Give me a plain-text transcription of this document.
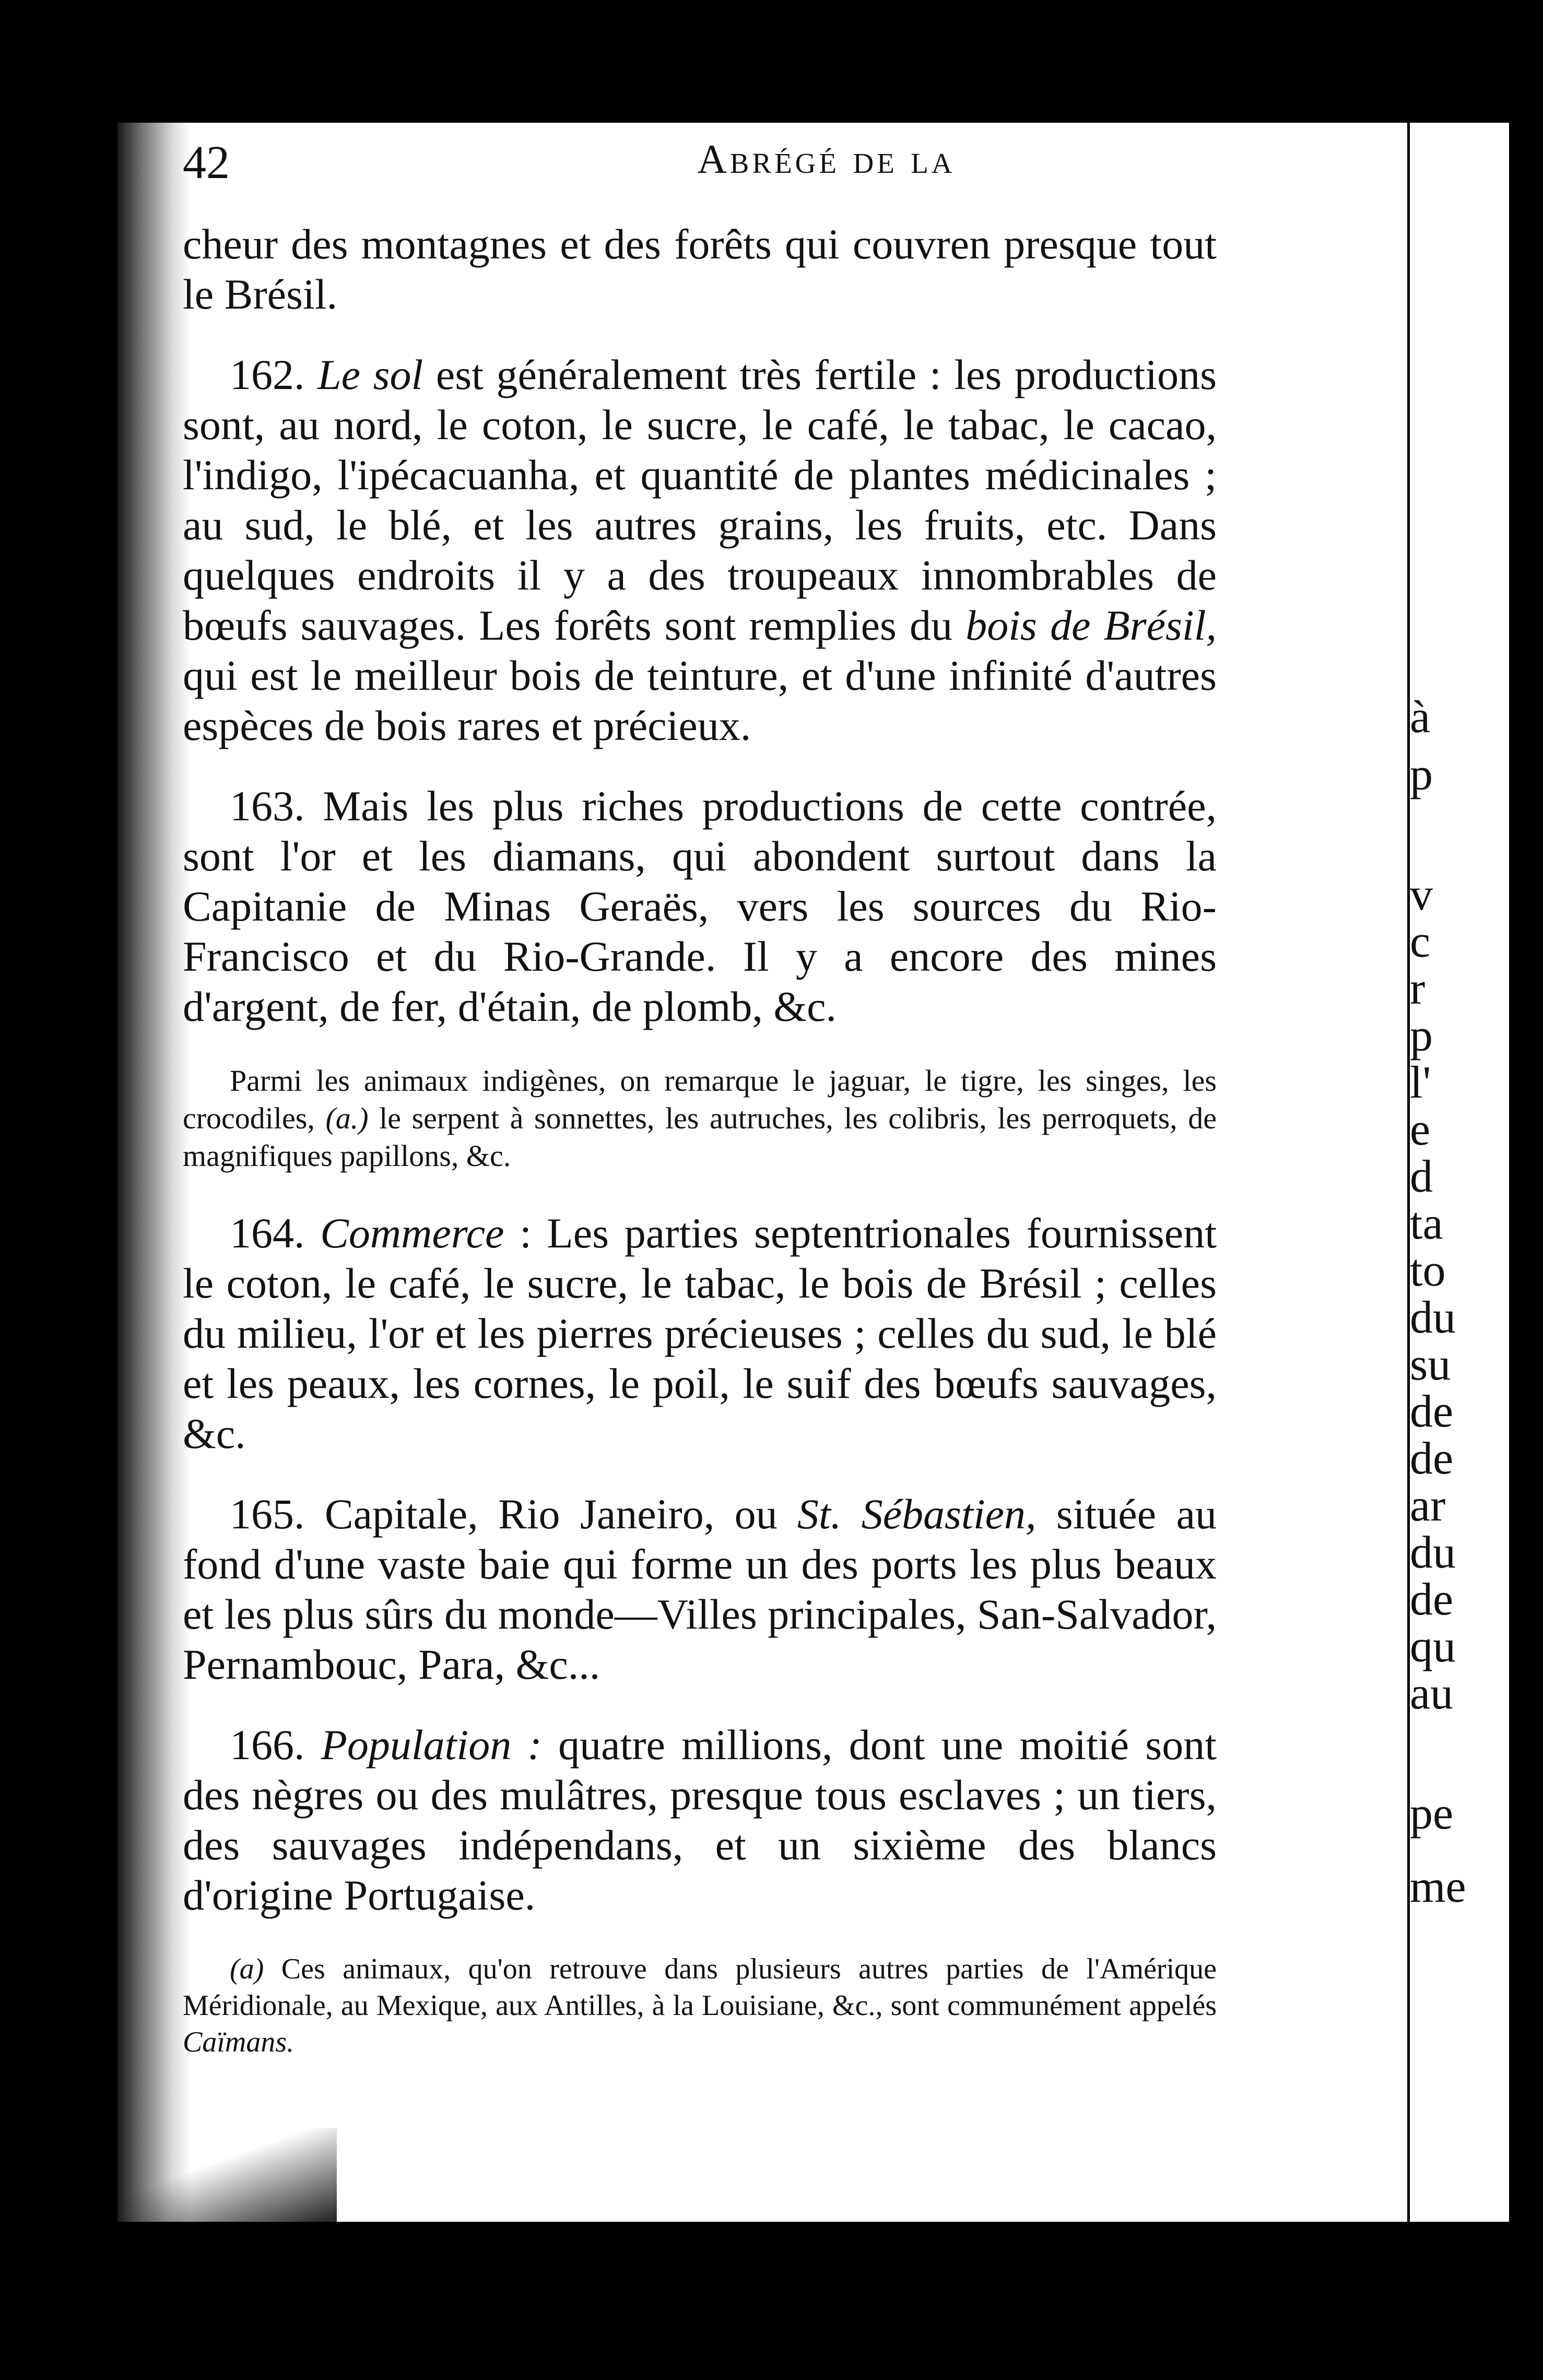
à
p
v
c
r
p
l'
e
d
ta
to
du
su
de
de
ar
du
de
qu
au
pe
me
42	Abrégé de la

cheur des montagnes et des forêts qui couvren presque tout le Brésil.

162. Le sol est généralement très fertile : les productions sont, au nord, le coton, le sucre, le café, le tabac, le cacao, l'indigo, l'ipécacuanha, et quantité de plantes médicinales ; au sud, le blé, et les autres grains, les fruits, etc. Dans quelques endroits il y a des troupeaux innombrables de bœufs sauvages. Les forêts sont remplies du bois de Brésil, qui est le meilleur bois de teinture, et d'une infinité d'autres espèces de bois rares et précieux.

163. Mais les plus riches productions de cette contrée, sont l'or et les diamans, qui abondent surtout dans la Capitanie de Minas Geraës, vers les sources du Rio-Francisco et du Rio-Grande. Il y a encore des mines d'argent, de fer, d'étain, de plomb, &c.

Parmi les animaux indigènes, on remarque le jaguar, le tigre, les singes, les crocodiles, (a.) le serpent à sonnettes, les autruches, les colibris, les perroquets, de magnifiques papillons, &c.

164. Commerce : Les parties septentrionales fournissent le coton, le café, le sucre, le tabac, le bois de Brésil ; celles du milieu, l'or et les pierres précieuses ; celles du sud, le blé et les peaux, les cornes, le poil, le suif des bœufs sauvages, &c.

165. Capitale, Rio Janeiro, ou St. Sébastien, située au fond d'une vaste baie qui forme un des ports les plus beaux et les plus sûrs du monde—Villes principales, San-Salvador, Pernambouc, Para, &c...

166. Population : quatre millions, dont une moitié sont des nègres ou des mulâtres, presque tous esclaves ; un tiers, des sauvages indépendans, et un sixième des blancs d'origine Portugaise.

(a) Ces animaux, qu'on retrouve dans plusieurs autres parties de l'Amérique Méridionale, au Mexique, aux Antilles, à la Louisiane, &c., sont communément appelés Caïmans.
